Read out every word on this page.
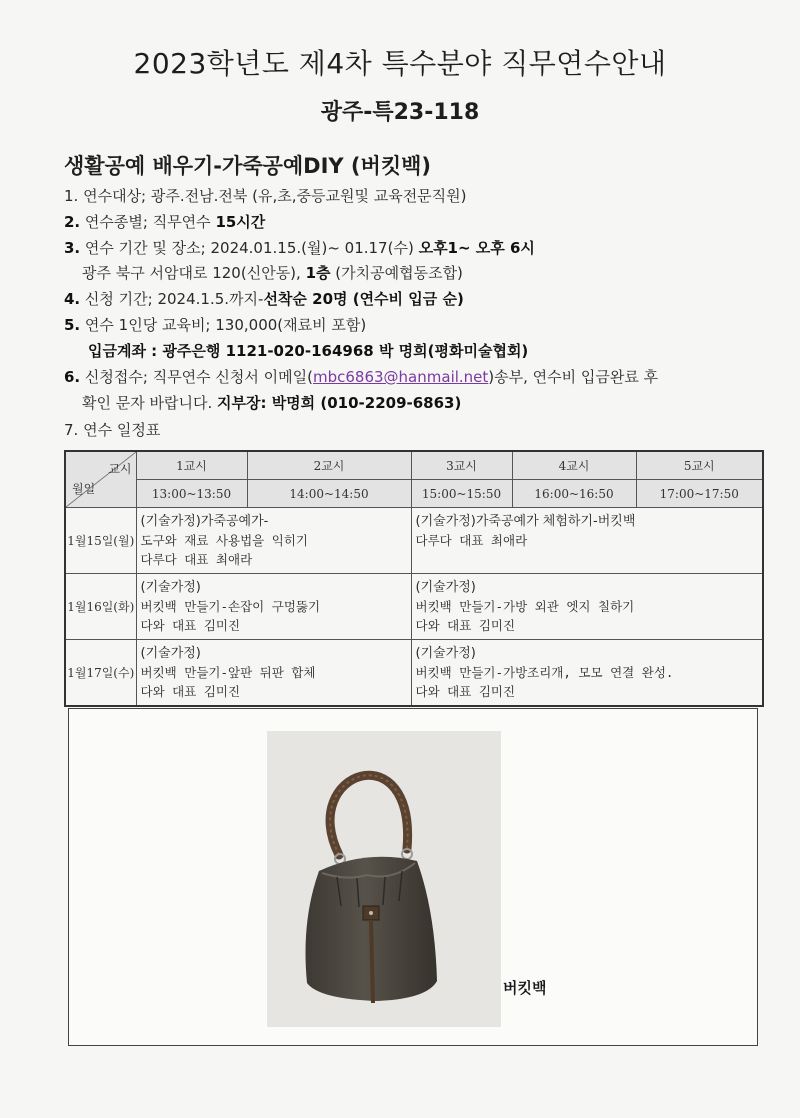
2023학년도 제4차 특수분야 직무연수안내
광주-특23-118
생활공예 배우기-가죽공예DIY (버킷백)
1. 연수대상; 광주.전남.전북 (유,초,중등교원및 교육전문직원)
2. 연수종별; 직무연수 15시간
3. 연수 기간 및 장소; 2024.01.15.(월)~ 01.17(수) 오후1~ 오후 6시
광주 북구 서암대로 120(신안동), 1층 (가치공예협동조합)
4. 신청 기간; 2024.1.5.까지-선착순 20명 (연수비 입금 순)
5. 연수 1인당 교육비; 130,000(재료비 포함)
입금계좌 : 광주은행 1121-020-164968 박 명희(평화미술협회)
6. 신청접수; 직무연수 신청서 이메일(mbc6863@hanmail.net)송부, 연수비 입금완료 후
확인 문자 바랍니다. 지부장: 박명희 (010-2209-6863)
7. 연수 일정표
교시
월일	1교시	2교시	3교시	4교시	5교시
	13:00~13:50	14:00~14:50	15:00~15:50	16:00~16:50	17:00~17:50
1월15일(월)	(기술가정)가죽공예가-
도구와 재료 사용법을 익히기
다루다 대표 최애라		(기술가정)가죽공예가 체험하기-버킷백
다루다 대표 최애라		

1월16일(화)	(기술가정)
버킷백 만들기-손잡이 구멍뚫기
다와 대표 김미진		(기술가정)
버킷백 만들기-가방 외관 엣지 칠하기
다와 대표 김미진		

1월17일(수)	(기술가정)
버킷백 만들기-앞판 뒤판 합체
다와 대표 김미진		(기술가정)
버킷백 만들기-가방조리개, 모모 연결 완성.
다와 대표 김미진		
버킷백
